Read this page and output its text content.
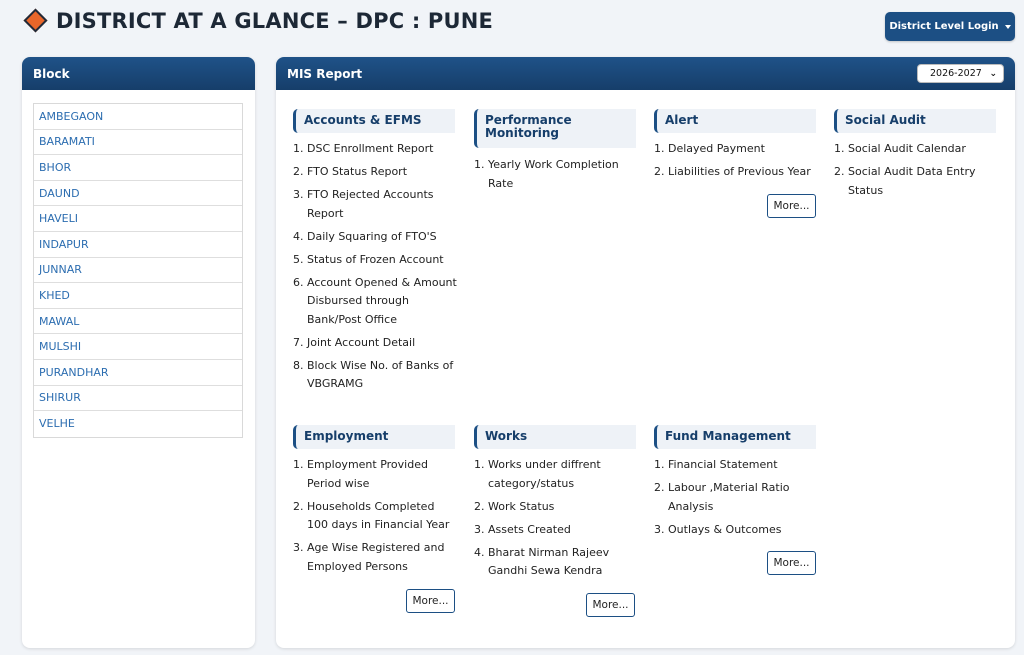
DISTRICT AT A GLANCE – DPC : PUNE	District Level Login
Block
AMBEGAON
BARAMATI
BHOR
DAUND
HAVELI
INDAPUR
JUNNAR
KHED
MAWAL
MULSHI
PURANDHAR
SHIRUR
VELHE
MIS Report	2026-2027 ⌄
Accounts & EFMS
1. DSC Enrollment Report
2. FTO Status Report
3. FTO Rejected Accounts Report
4. Daily Squaring of FTO'S
5. Status of Frozen Account
6. Account Opened & Amount Disbursed through Bank/Post Office
7. Joint Account Detail
8. Block Wise No. of Banks of VBGRAMG
Performance Monitoring
1. Yearly Work Completion Rate
Alert
1. Delayed Payment
2. Liabilities of Previous Year
More...
Social Audit
1. Social Audit Calendar
2. Social Audit Data Entry Status
Employment
1. Employment Provided Period wise
2. Households Completed 100 days in Financial Year
3. Age Wise Registered and Employed Persons
More...
Works
1. Works under diffrent category/status
2. Work Status
3. Assets Created
4. Bharat Nirman Rajeev Gandhi Sewa Kendra
More...
Fund Management
1. Financial Statement
2. Labour ,Material Ratio Analysis
3. Outlays & Outcomes
More...
